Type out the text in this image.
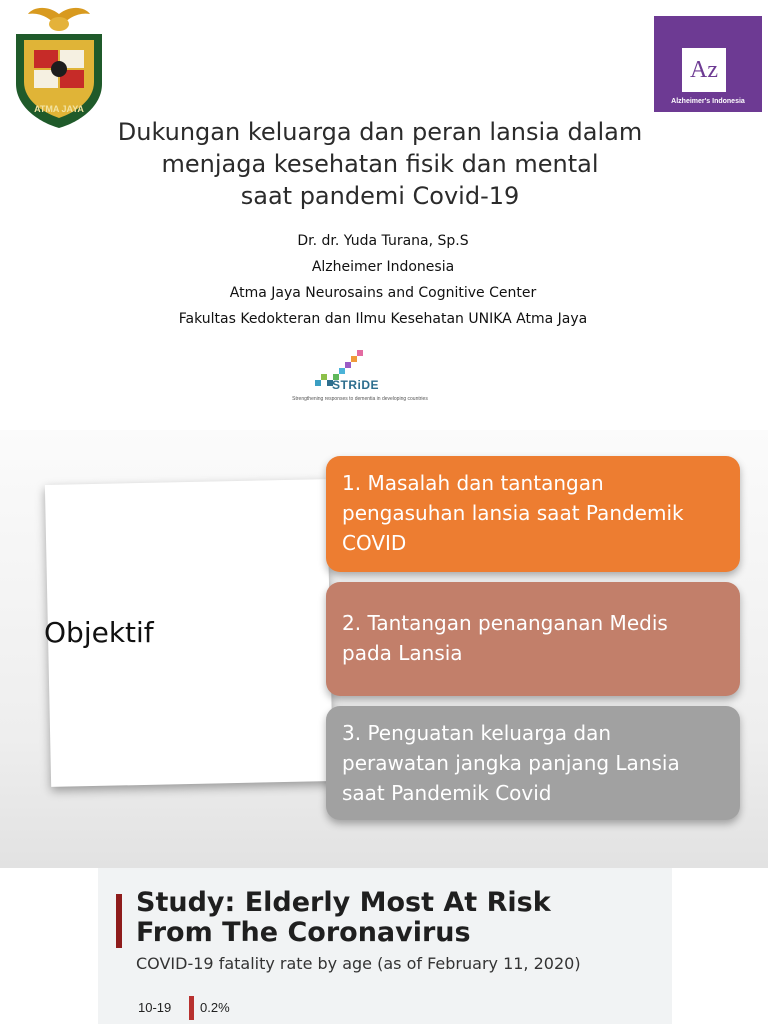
ATMA JAYA
Az
Alzheimer's Indonesia
Dukungan keluarga dan peran lansia dalam
menjaga kesehatan fisik dan mental
saat pandemi Covid-19
Dr. dr. Yuda Turana, Sp.S
Alzheimer Indonesia
Atma Jaya Neurosains and Cognitive Center
Fakultas Kedokteran dan Ilmu Kesehatan UNIKA Atma Jaya
STRiDE
Strengthening responses to dementia in developing countries
Objektif
1. Masalah dan tantangan pengasuhan lansia saat Pandemik COVID
2. Tantangan penanganan Medis pada Lansia
3. Penguatan keluarga dan perawatan jangka panjang Lansia saat Pandemik Covid
Study: Elderly Most At Risk
From The Coronavirus
COVID-19 fatality rate by age (as of February 11, 2020)
10-19	0.2%
